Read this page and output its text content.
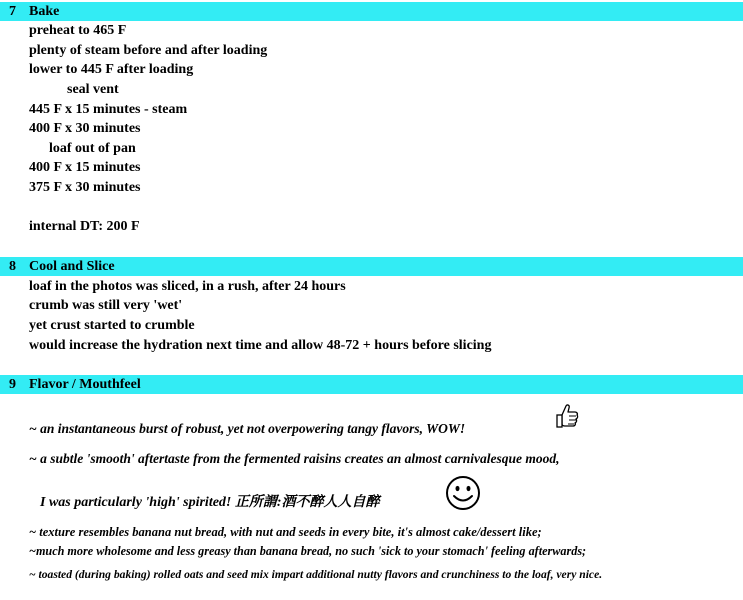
7 Bake
preheat to 465 F
plenty of steam before and after loading
lower to 445 F after loading
seal vent
445 F x 15 minutes - steam
400 F x 30 minutes
loaf out of pan
400 F x 15 minutes
375 F x 30 minutes
internal DT: 200 F
8 Cool and Slice
loaf in the photos was sliced, in a rush, after 24 hours
crumb was still very 'wet'
yet crust started to crumble
would increase the hydration next time and allow 48-72 + hours before slicing
9 Flavor / Mouthfeel
~ an instantaneous burst of robust, yet not overpowering tangy flavors, WOW!
~ a subtle 'smooth' aftertaste from the fermented raisins creates an almost carnivalesque mood,
I was particularly 'high' spirited! 正所謂:酒不醉人人自醉
~ texture resembles banana nut bread, with nut and seeds in every bite, it's almost cake/dessert like;
~much more wholesome and less greasy than banana bread, no such 'sick to your stomach' feeling afterwards;
~ toasted (during baking) rolled oats and seed mix impart additional nutty flavors and crunchiness to the loaf, very nice.
